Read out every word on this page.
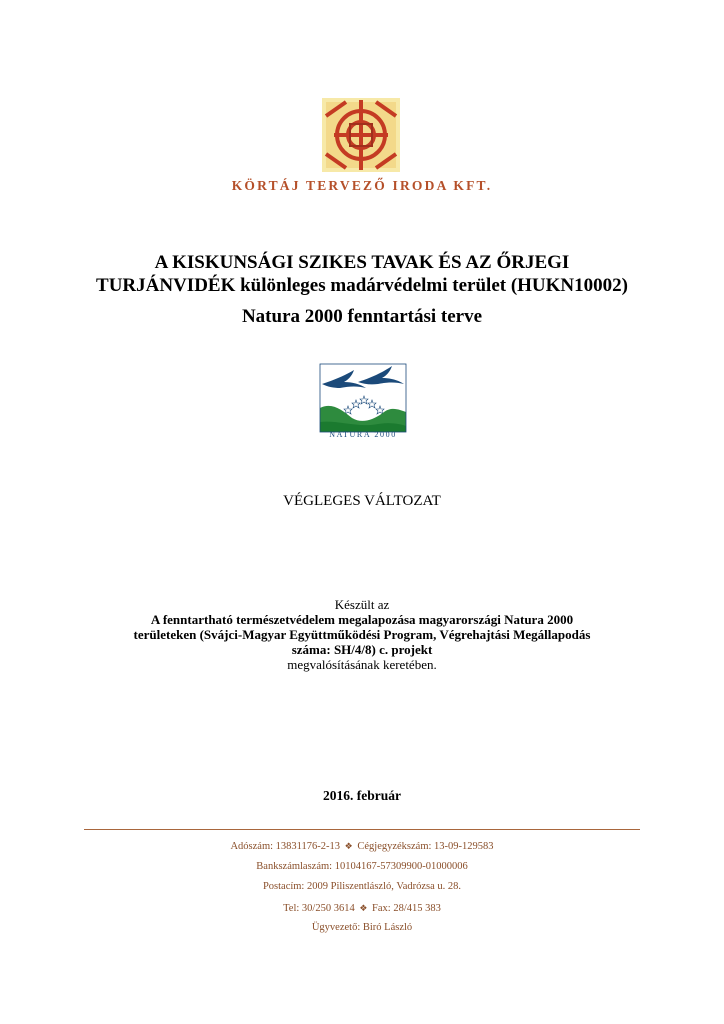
KÖRTÁJ TERVEZŐ IRODA KFT.
A KISKUNSÁGI SZIKES TAVAK ÉS AZ ŐRJEGI
TURJÁNVIDÉK különleges madárvédelmi terület (HUKN10002)
Natura 2000 fenntartási terve
NATURA 2000
VÉGLEGES VÁLTOZAT
Készült az
A fenntartható természetvédelem megalapozása magyarországi Natura 2000
területeken (Svájci-Magyar Együttműködési Program, Végrehajtási Megállapodás
száma: SH/4/8) c. projekt
megvalósításának keretében.
2016. február
Adószám: 13831176-2-13 ❖ Cégjegyzékszám: 13-09-129583
Bankszámlaszám: 10104167-57309900-01000006
Postacím: 2009 Piliszentlászló, Vadrózsa u. 28.
Tel: 30/250 3614 ❖ Fax: 28/415 383
Ügyvezető: Biró László
